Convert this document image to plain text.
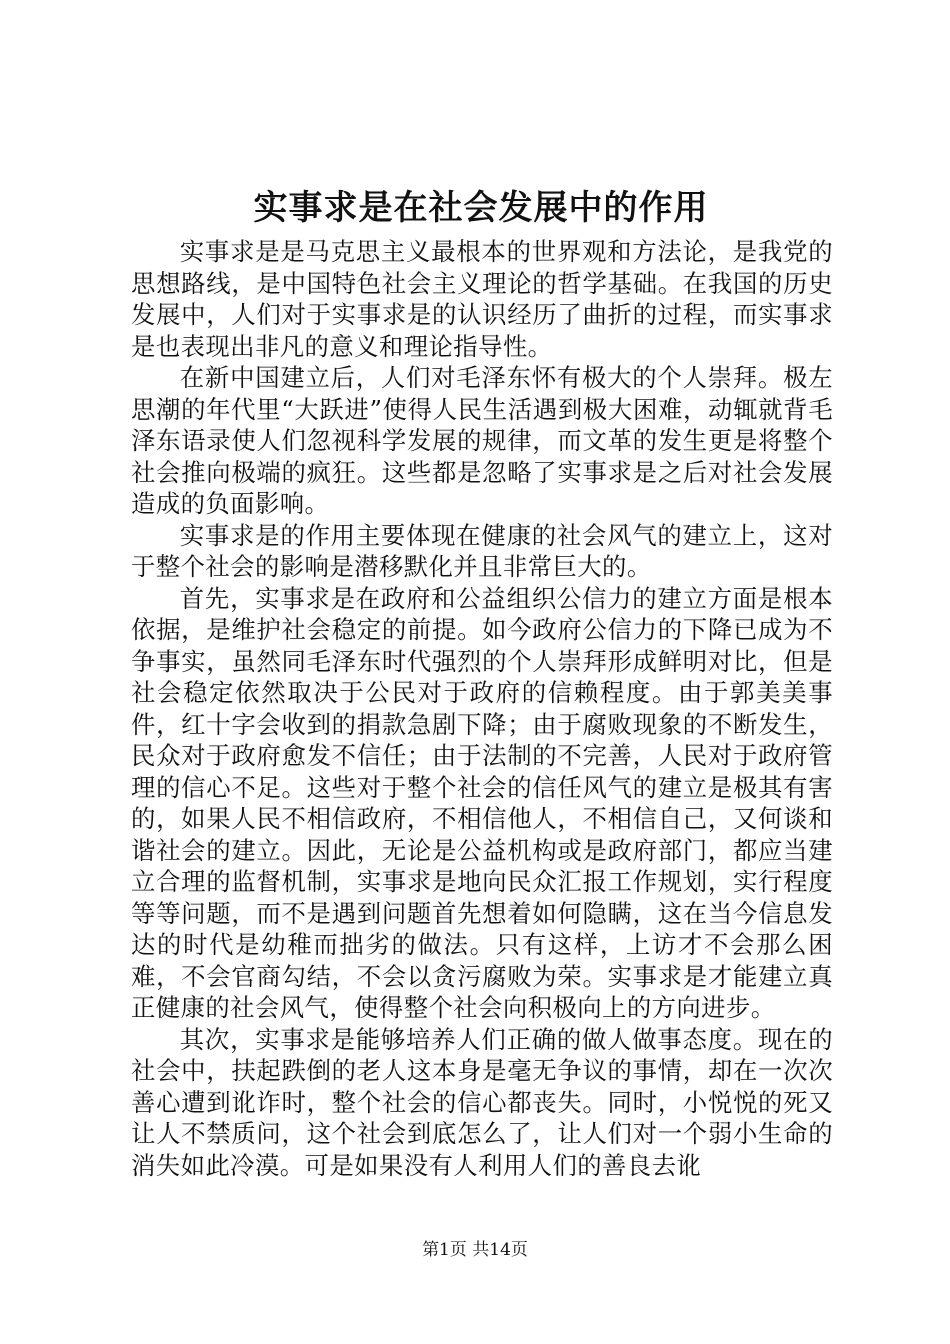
实事求是在社会发展中的作用

实事求是是马克思主义最根本的世界观和方法论，是我党的思想路线，是中国特色社会主义理论的哲学基础。在我国的历史发展中，人们对于实事求是的认识经历了曲折的过程，而实事求是也表现出非凡的意义和理论指导性。

在新中国建立后，人们对毛泽东怀有极大的个人崇拜。极左思潮的年代里“大跃进”使得人民生活遇到极大困难，动辄就背毛泽东语录使人们忽视科学发展的规律，而文革的发生更是将整个社会推向极端的疯狂。这些都是忽略了实事求是之后对社会发展造成的负面影响。

实事求是的作用主要体现在健康的社会风气的建立上，这对于整个社会的影响是潜移默化并且非常巨大的。

首先，实事求是在政府和公益组织公信力的建立方面是根本依据，是维护社会稳定的前提。如今政府公信力的下降已成为不争事实，虽然同毛泽东时代强烈的个人崇拜形成鲜明对比，但是社会稳定依然取决于公民对于政府的信赖程度。由于郭美美事件，红十字会收到的捐款急剧下降；由于腐败现象的不断发生，民众对于政府愈发不信任；由于法制的不完善，人民对于政府管理的信心不足。这些对于整个社会的信任风气的建立是极其有害的，如果人民不相信政府，不相信他人，不相信自己，又何谈和谐社会的建立。因此，无论是公益机构或是政府部门，都应当建立合理的监督机制，实事求是地向民众汇报工作规划，实行程度等等问题，而不是遇到问题首先想着如何隐瞒，这在当今信息发达的时代是幼稚而拙劣的做法。只有这样，上访才不会那么困难，不会官商勾结，不会以贪污腐败为荣。实事求是才能建立真正健康的社会风气，使得整个社会向积极向上的方向进步。

其次，实事求是能够培养人们正确的做人做事态度。现在的社会中，扶起跌倒的老人这本身是毫无争议的事情，却在一次次善心遭到讹诈时，整个社会的信心都丧失。同时，小悦悦的死又让人不禁质问，这个社会到底怎么了，让人们对一个弱小生命的消失如此冷漠。可是如果没有人利用人们的善良去讹

第1页 共14页
